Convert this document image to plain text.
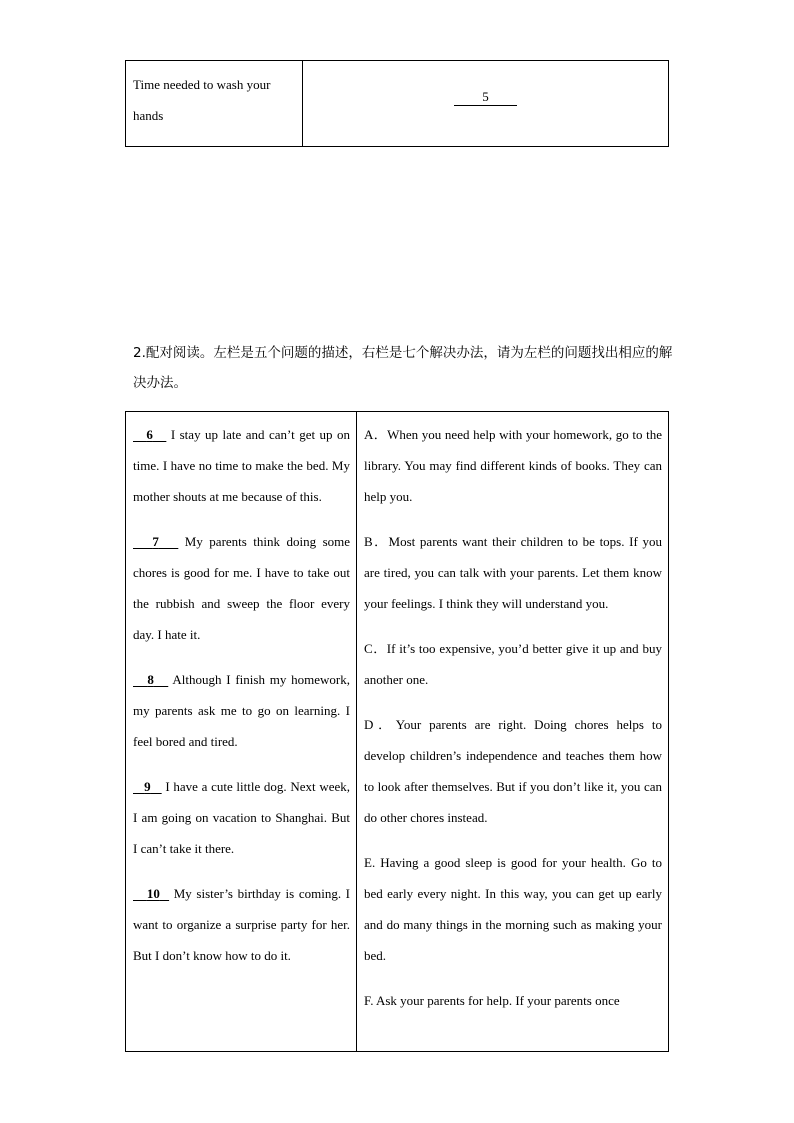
Time needed to wash your hands
5
2.配对阅读。左栏是五个问题的描述，右栏是七个解决办法，请为左栏的问题找出相应的解决办法。

6 I stay up late and can’t get up on time. I have no time to make the bed. My mother shouts at me because of this.

7 My parents think doing some chores is good for me. I have to take out the rubbish and sweep the floor every day. I hate it.

8 Although I finish my homework, my parents ask me to go on learning. I feel bored and tired.

9 I have a cute little dog. Next week, I am going on vacation to Shanghai. But I can’t take it there.

10 My sister’s birthday is coming. I want to organize a surprise party for her. But I don’t know how to do it.

A．When you need help with your homework, go to the library. You may find different kinds of books. They can help you.

B．Most parents want their children to be tops. If you are tired, you can talk with your parents. Let them know your feelings. I think they will understand you.

C．If it’s too expensive, you’d better give it up and buy another one.

D．Your parents are right. Doing chores helps to develop children’s independence and teaches them how to look after themselves. But if you don’t like it, you can do other chores instead.

E. Having a good sleep is good for your health. Go to bed early every night. In this way, you can get up early and do many things in the morning such as making your bed.

F. Ask your parents for help. If your parents once
